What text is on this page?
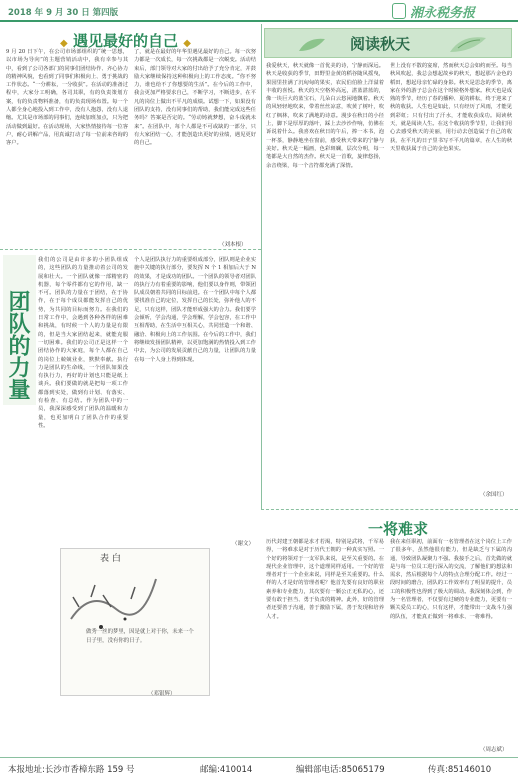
2018 年 9 月 30 日 第四版	湘永税务报
◆ 遇见最好的自己 ◆
9 月 20 日下午，在公司市场部组织的“统一思想，以市场为导向”的主题营销活动中，我有幸参与其中，看到了公司各部门的同事们团结协作、齐心协力的精神风貌，也看到了同事们积极向上、勇于挑战的工作状态。“一分耕耘，一分收获”。在活动的准备过程中，大家分工明确，各司其职，有的负责策划方案，有的负责物料准备，有的负责现场布置。每一个人都全身心地投入到工作中，没有人抱怨，没有人退缩。尤其是市场部的同事们，连续加班加点，只为把活动做到最好。在活动现场，大家热情接待每一位客户，耐心讲解产品，用真诚打动了每一位前来咨询的客户。
了，就是在最好的年华里遇见最好的自己。每一次努力都是一次成长，每一次挑战都是一次蜕变。活动结束后，部门领导对大家的付出给予了充分肯定，并鼓励大家继续保持这种积极向上的工作态度。“你不努力，谁也给不了你想要的生活”。在今后的工作中，我会更加严格要求自己，不断学习，不断进步，在平凡的岗位上做出不平凡的成绩。试想一下，如果没有团队的支持，没有同事们的帮助，我们能完成这些任务吗？答案是否定的。“劳动铸就梦想，奋斗成就未来”。在团队中，每个人都是不可或缺的一部分，只有大家团结一心，才能创造出更好的业绩，遇见更好的自己。
（刘本根）
团队的力量
我们的公司是由许多的小团队组成的，这些团队的力量推动着公司的发展和壮大。一个团队就像一部精密的机器，每个零件都有它的作用，缺一不可。团队的力量在于团结，在于协作，在于每个成员都能发挥自己的优势，为共同的目标而努力。在我们的日常工作中，会遇到各种各样的困难和挑战，有时候一个人的力量是有限的，但是当大家团结起来，就能克服一切困难。我们的公司正是这样一个团结协作的大家庭，每个人都在自己的岗位上兢兢业业，默默奉献。执行力是团队的生命线，一个团队如果没有执行力，再好的计划也只能是纸上谈兵。我们要做的就是把每一项工作都落到实处，做到有计划、有落实、有检查、有总结。作为团队中的一员，我深深感受到了团队的温暖和力量，也更加明白了团队合作的重要性。
个人是团队执行力的重要组成部分，团队则是企业实施中关键的执行部分，要发挥 N 个 1 相加后大于 N 的效果，才是成功的团队。一个团队的领导者对团队的执行力有着重要的影响，他们要以身作则，带领团队成员朝着共同的目标前进。在一个团队中每个人都要找准自己的定位，发挥自己的长处，弥补他人的不足，只有这样，团队才能形成强大的合力。我们要学会倾听，学会沟通，学会理解，学会包容，在工作中互相帮助，在生活中互相关心，共同营造一个和谐、融洽、积极向上的工作氛围。在今后的工作中，我们将继续发扬团队精神，以更加饱满的热情投入到工作中去，为公司的发展贡献自己的力量，让团队的力量在每一个人身上得到体现。
（谢文）
表 白
做秀一丝的梦里，因是就上对于你，未来一个日子里，没有你的日子。
（邓银辉）
阅读秋天
我爱秋天，秋天就像一首优美的诗，宁静而深远。秋天是收获的季节，田野里金黄的稻谷随风摇曳，果园里挂满了沉甸甸的果实，农民伯伯脸上洋溢着丰收的喜悦。秋天的天空格外高远，湛蓝湛蓝的，像一块巨大的蓝宝石，几朵白云悠闲地飘着。秋天的风轻轻地吹来，带着丝丝凉意，吹黄了树叶，吹红了枫林，吹来了满地的诗意。漫步在秋日的小径上，脚下是厚厚的落叶，踩上去沙沙作响，仿佛在诉说着什么。我喜欢在秋日的午后，捧一本书，泡一杯茶，静静地坐在窗前，感受秋天带来的宁静与美好。秋天是一幅画，色彩斑斓，层次分明，每一笔都是大自然的杰作。秋天是一首歌，旋律悠扬，余音绕梁，每一个音符都充满了深情。
世上没有不散的宴席，然而秋天总会如约而至。每当秋风吹起，我总会想起故乡的秋天，想起那片金色的稻田，想起母亲忙碌的身影。秋天是思念的季节，离家在外的游子总会在这个时候格外想家。秋天也是成熟的季节，经历了春的播种、夏的耕耘，终于迎来了秋的收获。人生也是如此，只有经历了风雨，才能见到彩虹；只有付出了汗水，才能收获成功。阅读秋天，就是阅读人生。在这个收获的季节里，让我们用心去感受秋天的美丽，用行动去创造属于自己的收获，在平凡的日子里书写不平凡的篇章，在人生的秋天里收获属于自己的金色果实。
（余国红）
一将难求
历代封建王朝都是求才若渴，特别是武将，千军易得，一将难求是对于历代王朝的一种真实写照。一个好的将领对于一支军队来说，是至关重要的。在现代企业管理中，这个道理同样适用。一个好的管理者对于一个企业来说，同样是至关重要的。什么样的人才是好的管理者呢？他首先要有良好的职业素养和专业能力，其次要有一颗公正无私的心，还要有敢于担当、勇于负责的精神。此外，好的管理者还要善于沟通，善于激励下属，善于发现和培养人才。
我在来任职初，前面有一名管理者在这个岗位上工作了很多年，虽然他很有能力，但是缺乏与下属的沟通，导致团队凝聚力不强。我接手之后，首先做的就是与每一位员工进行深入的交流，了解他们的想法和需求，然后根据每个人的特点合理分配工作。经过一段时间的磨合，团队的工作效率有了明显的提升，员工的积极性也得到了极大的调动。我深刻体会到，作为一名管理者，不仅要有过硬的专业能力，更要有一颗关爱员工的心，只有这样，才能带出一支战斗力强的队伍，才能真正做到一将难求、一将难得。
（周志斌）
本报地址:长沙市香樟东路 159 号	邮编:410014	编辑部电话:85065179	传真:85146010
